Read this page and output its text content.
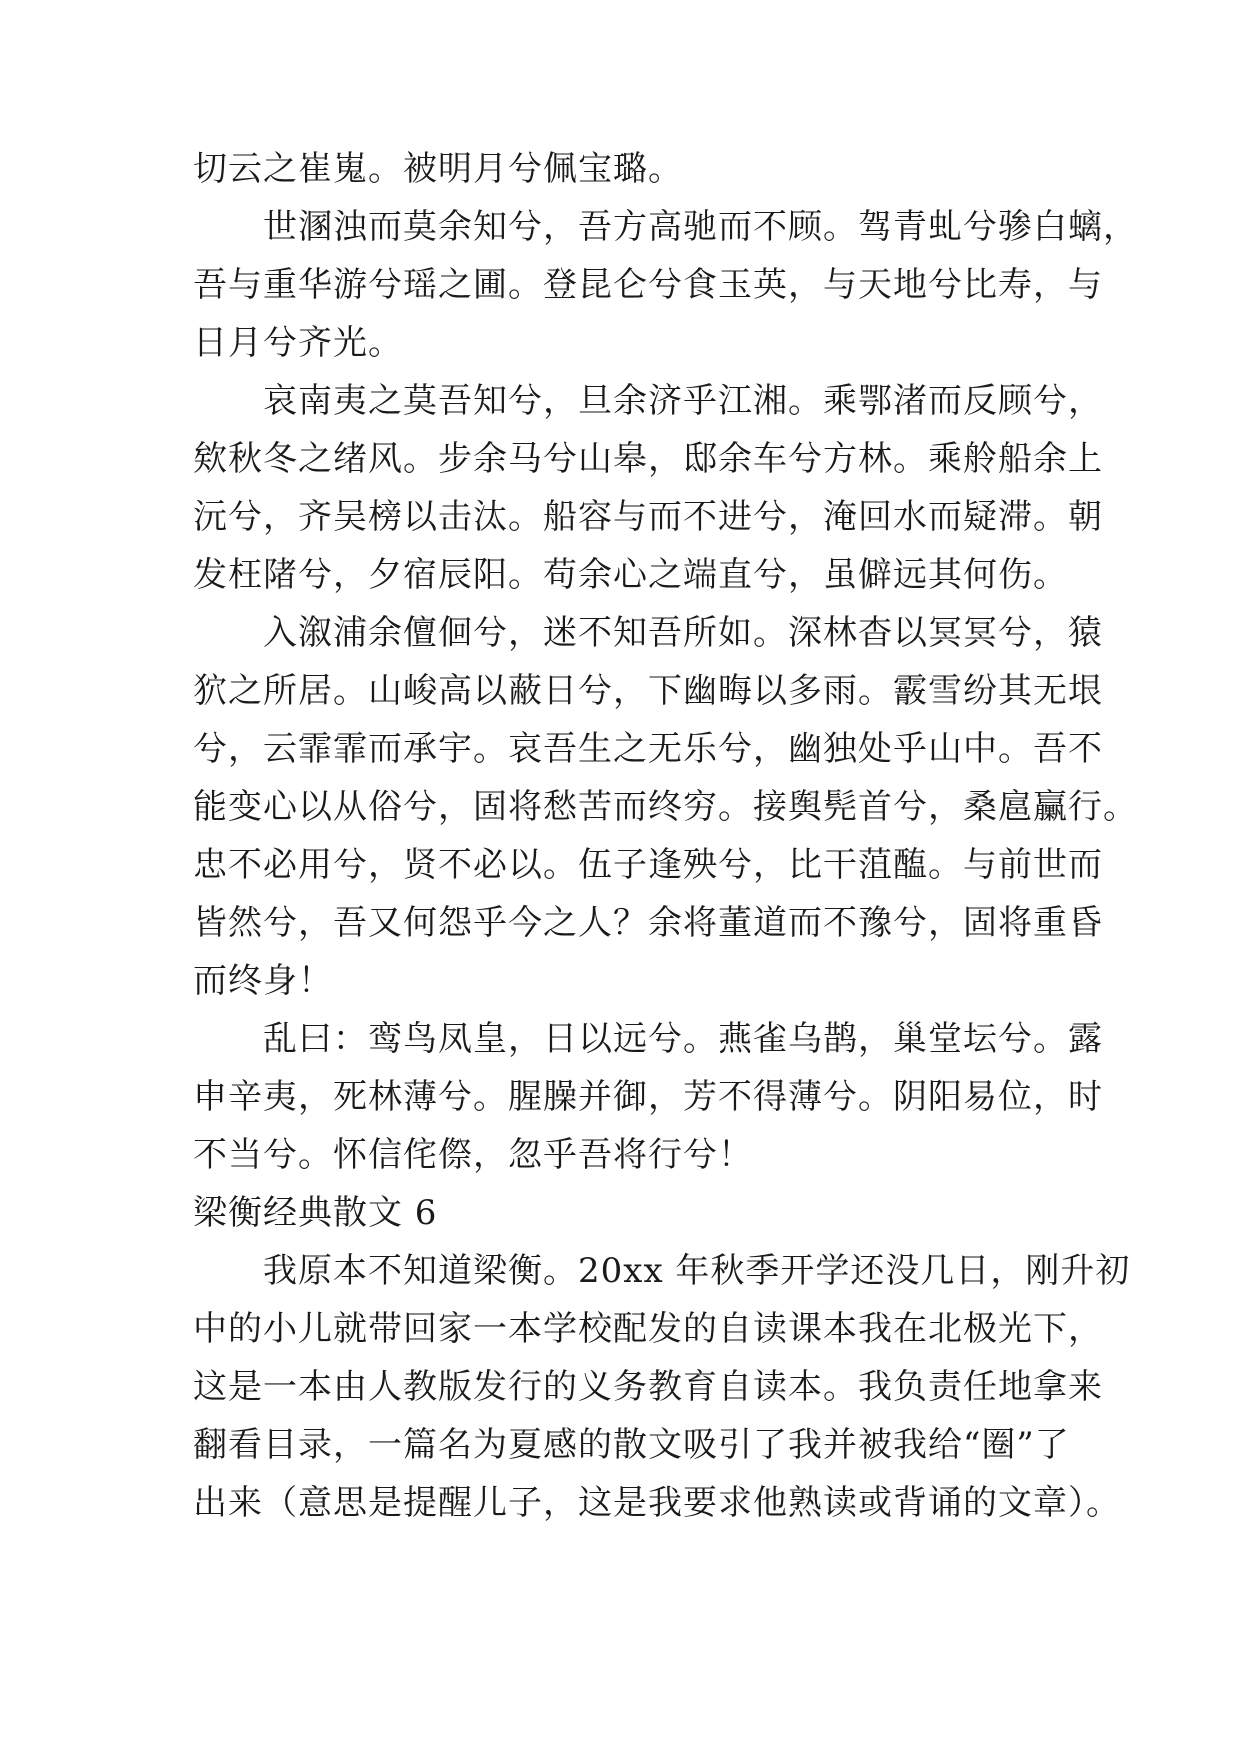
切云之崔嵬。被明月兮佩宝璐。
　　世溷浊而莫余知兮，吾方高驰而不顾。驾青虬兮骖白螭，
吾与重华游兮瑶之圃。登昆仑兮食玉英，与天地兮比寿，与
日月兮齐光。
　　哀南夷之莫吾知兮，旦余济乎江湘。乘鄂渚而反顾兮，
欸秋冬之绪风。步余马兮山皋，邸余车兮方林。乘舲船余上
沅兮，齐吴榜以击汰。船容与而不进兮，淹回水而疑滞。朝
发枉陼兮，夕宿辰阳。苟余心之端直兮，虽僻远其何伤。
　　入溆浦余儃佪兮，迷不知吾所如。深林杳以冥冥兮，猿
狖之所居。山峻高以蔽日兮，下幽晦以多雨。霰雪纷其无垠
兮，云霏霏而承宇。哀吾生之无乐兮，幽独处乎山中。吾不
能变心以从俗兮，固将愁苦而终穷。接舆髡首兮，桑扈臝行。
忠不必用兮，贤不必以。伍子逢殃兮，比干菹醢。与前世而
皆然兮，吾又何怨乎今之人？余将董道而不豫兮，固将重昏
而终身！
　　乱曰：鸾鸟凤皇，日以远兮。燕雀乌鹊，巢堂坛兮。露
申辛夷，死林薄兮。腥臊并御，芳不得薄兮。阴阳易位，时
不当兮。怀信侘傺，忽乎吾将行兮！
梁衡经典散文 6
　　我原本不知道梁衡。20xx 年秋季开学还没几日，刚升初
中的小儿就带回家一本学校配发的自读课本我在北极光下，
这是一本由人教版发行的义务教育自读本。我负责任地拿来
翻看目录，一篇名为夏感的散文吸引了我并被我给“圈”了
出来（意思是提醒儿子，这是我要求他熟读或背诵的文章）。
